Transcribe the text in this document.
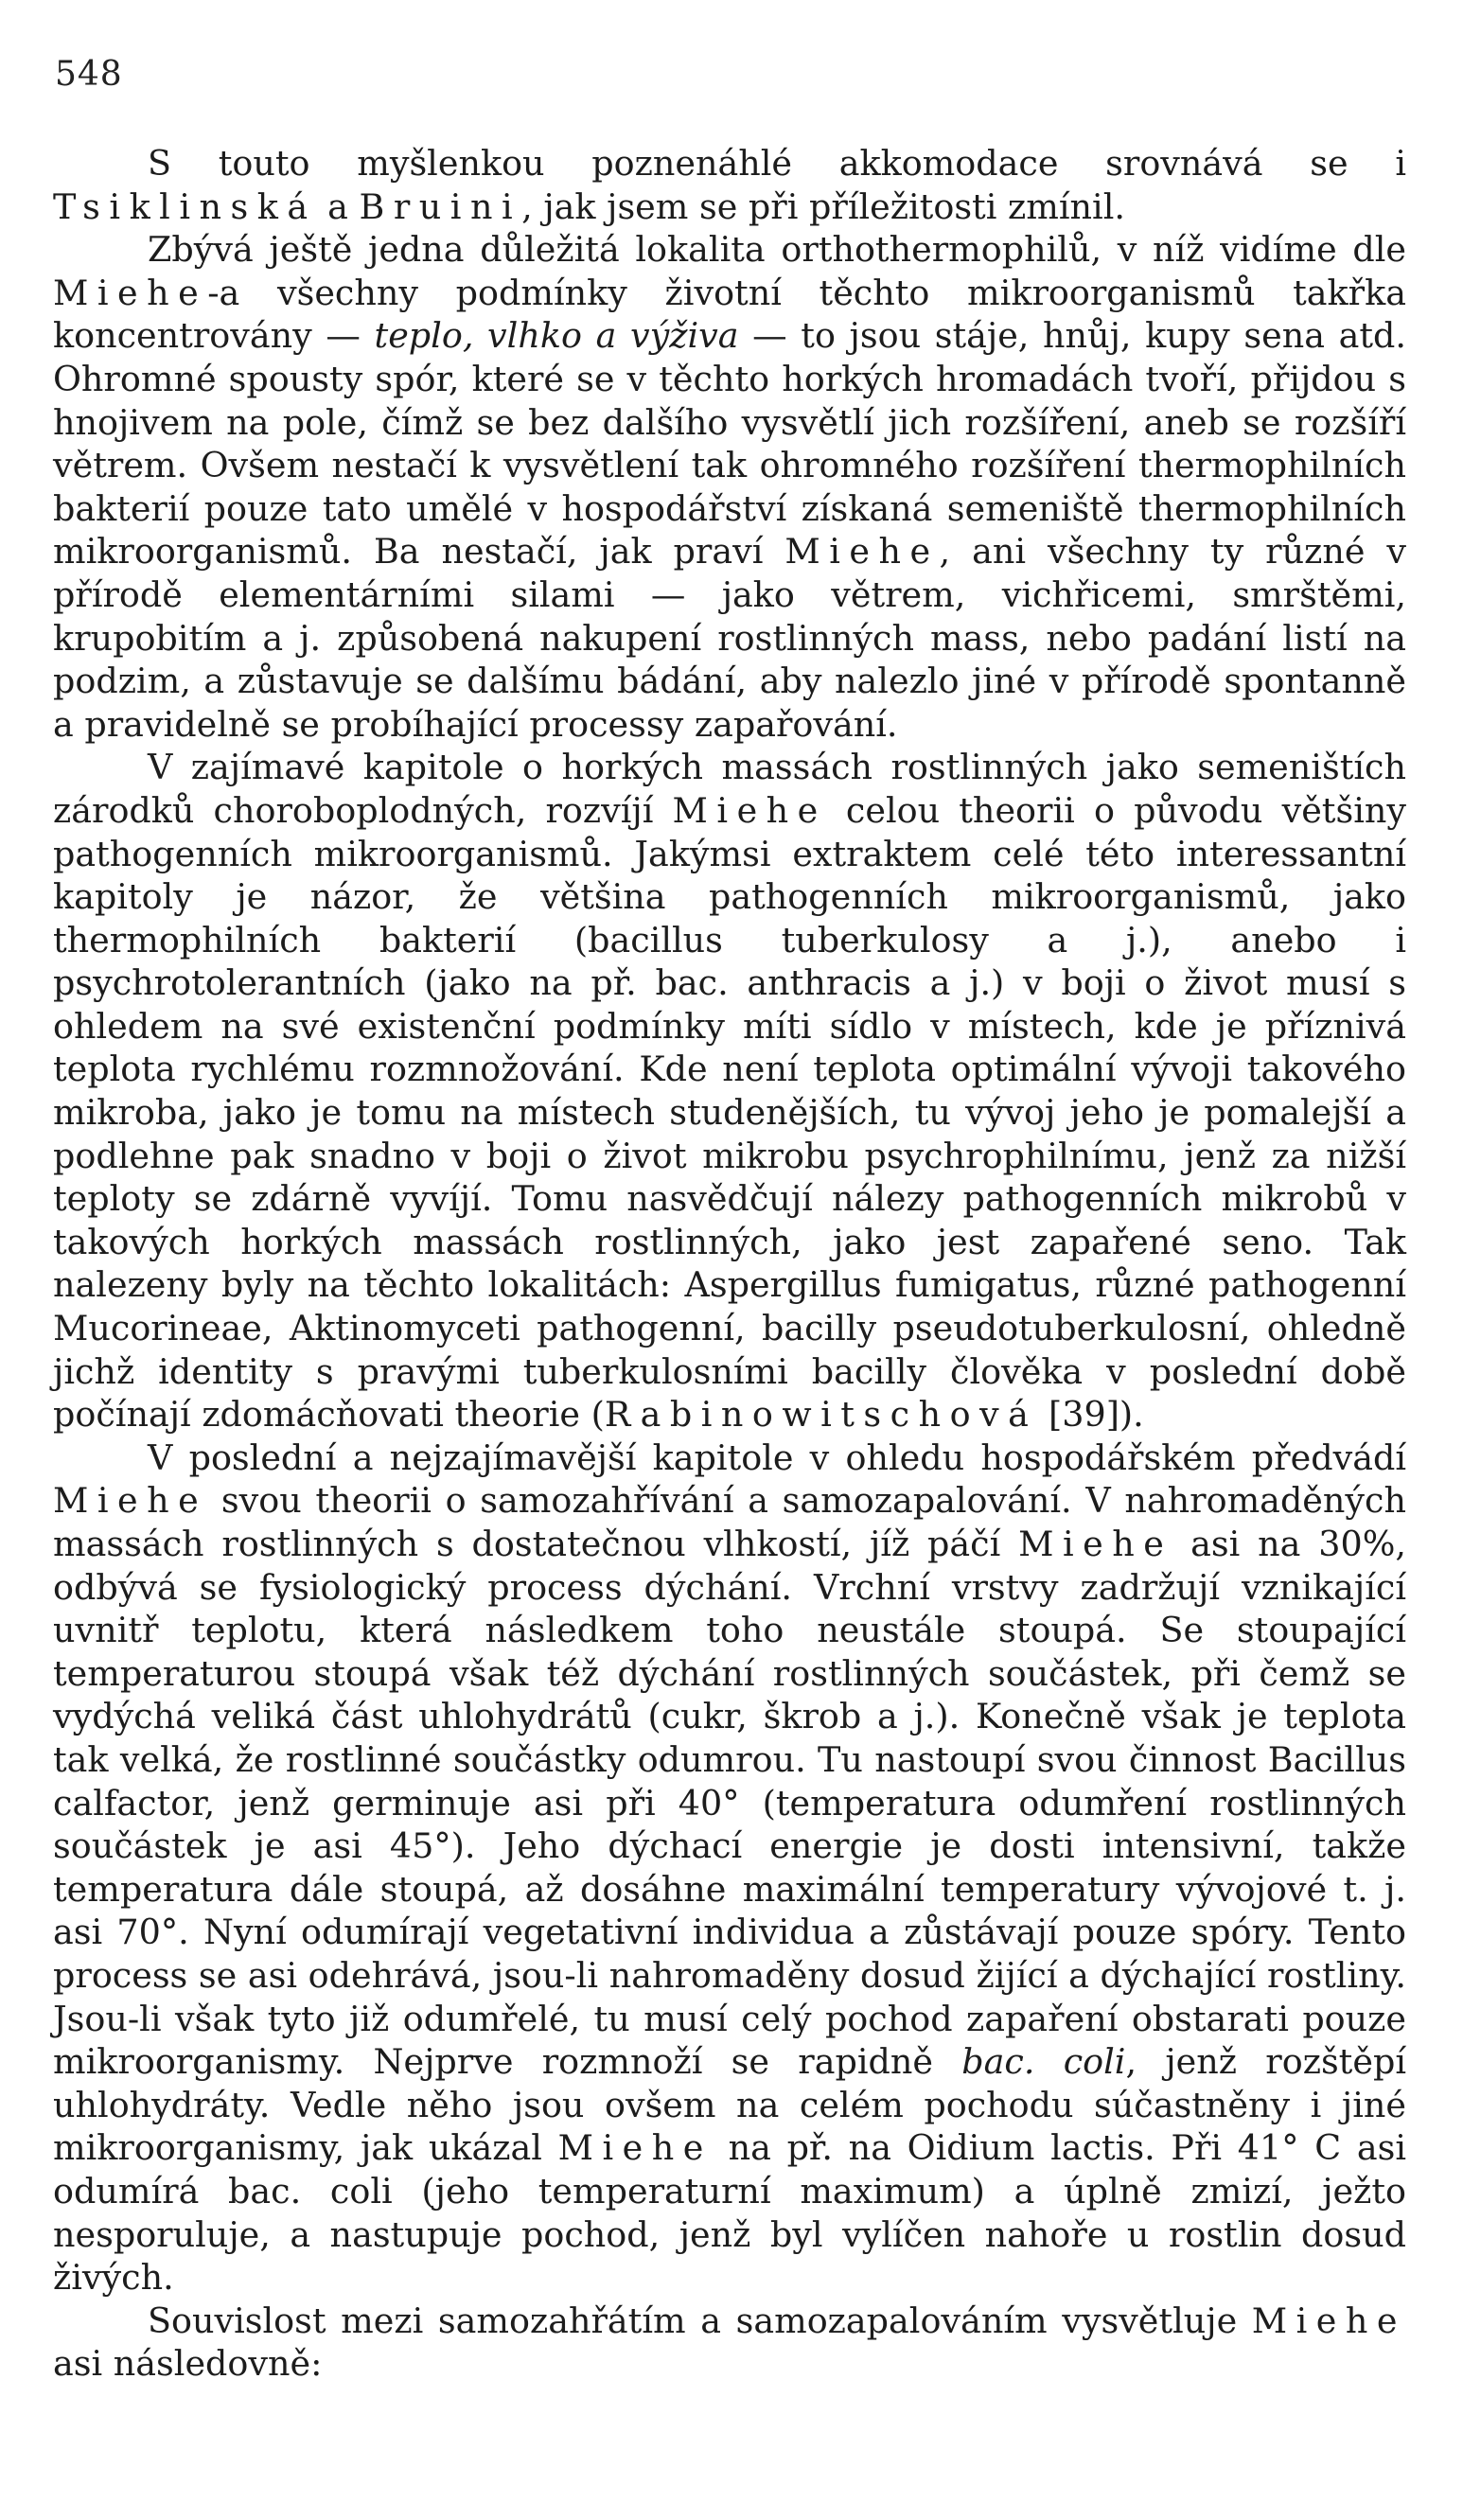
548

S touto myšlenkou poznenáhlé akkomodace srovnává se i Tsiklinská a Bruini, jak jsem se při příležitosti zmínil.

Zbývá ještě jedna důležitá lokalita orthothermophilů, v níž vidíme dle Miehe-a všechny podmínky životní těchto mikroorganismů takřka koncentrovány — teplo, vlhko a výživa — to jsou stáje, hnůj, kupy sena atd. Ohromné spousty spór, které se v těchto horkých hromadách tvoří, přijdou s hnojivem na pole, čímž se bez dalšího vysvětlí jich rozšíření, aneb se rozšíří větrem. Ovšem nestačí k vysvětlení tak ohromného rozšíření thermophilních bakterií pouze tato umělé v hospodářství získaná semeniště thermophilních mikroorganismů. Ba nestačí, jak praví Miehe, ani všechny ty různé v přírodě elementárními silami — jako větrem, vichřicemi, smrštěmi, krupobitím a j. způsobená nakupení rostlinných mass, nebo padání listí na podzim, a zůstavuje se dalšímu bádání, aby nalezlo jiné v přírodě spontanně a pravidelně se probíhající processy zapařování.

V zajímavé kapitole o horkých massách rostlinných jako semeništích zárodků choroboplodných, rozvíjí Miehe celou theorii o původu většiny pathogenních mikroorganismů. Jakýmsi extraktem celé této interessantní kapitoly je názor, že většina pathogenních mikroorganismů, jako thermophilních bakterií (bacillus tuberkulosy a j.), anebo i psychrotolerantních (jako na př. bac. anthracis a j.) v boji o život musí s ohledem na své existenční podmínky míti sídlo v místech, kde je příznivá teplota rychlému rozmnožování. Kde není teplota optimální vývoji takového mikroba, jako je tomu na místech studenějších, tu vývoj jeho je pomalejší a podlehne pak snadno v boji o život mikrobu psychrophilnímu, jenž za nižší teploty se zdárně vyvíjí. Tomu nasvědčují nálezy pathogenních mikrobů v takových horkých massách rostlinných, jako jest zapařené seno. Tak nalezeny byly na těchto lokalitách: Aspergillus fumigatus, různé pathogenní Mucorineae, Aktinomyceti pathogenní, bacilly pseudotuberkulosní, ohledně jichž identity s pravými tuberkulosními bacilly člověka v poslední době počínají zdomácňovati theorie (Rabinowitschová [39]).

V poslední a nejzajímavější kapitole v ohledu hospodářském předvádí Miehe svou theorii o samozahřívání a samozapalování. V nahromaděných massách rostlinných s dostatečnou vlhkostí, jíž páčí Miehe asi na 30%, odbývá se fysiologický process dýchání. Vrchní vrstvy zadržují vznikající uvnitř teplotu, která následkem toho neustále stoupá. Se stoupající temperaturou stoupá však též dýchání rostlinných součástek, při čemž se vydýchá veliká část uhlohydrátů (cukr, škrob a j.). Konečně však je teplota tak velká, že rostlinné součástky odumrou. Tu nastoupí svou činnost Bacillus calfactor, jenž germinuje asi při 40° (temperatura odumření rostlinných součástek je asi 45°). Jeho dýchací energie je dosti intensivní, takže temperatura dále stoupá, až dosáhne maximální temperatury vývojové t. j. asi 70°. Nyní odumírají vegetativní individua a zůstávají pouze spóry. Tento process se asi odehrává, jsou-li nahromaděny dosud žijící a dýchající rostliny. Jsou-li však tyto již odumřelé, tu musí celý pochod zapaření obstarati pouze mikroorganismy. Nejprve rozmnoží se rapidně bac. coli, jenž rozštěpí uhlohydráty. Vedle něho jsou ovšem na celém pochodu súčastněny i jiné mikroorganismy, jak ukázal Miehe na př. na Oidium lactis. Při 41° C asi odumírá bac. coli (jeho temperaturní maximum) a úplně zmizí, ježto nesporuluje, a nastupuje pochod, jenž byl vylíčen nahoře u rostlin dosud živých.

Souvislost mezi samozahřátím a samozapalováním vysvětluje Miehe asi následovně:
